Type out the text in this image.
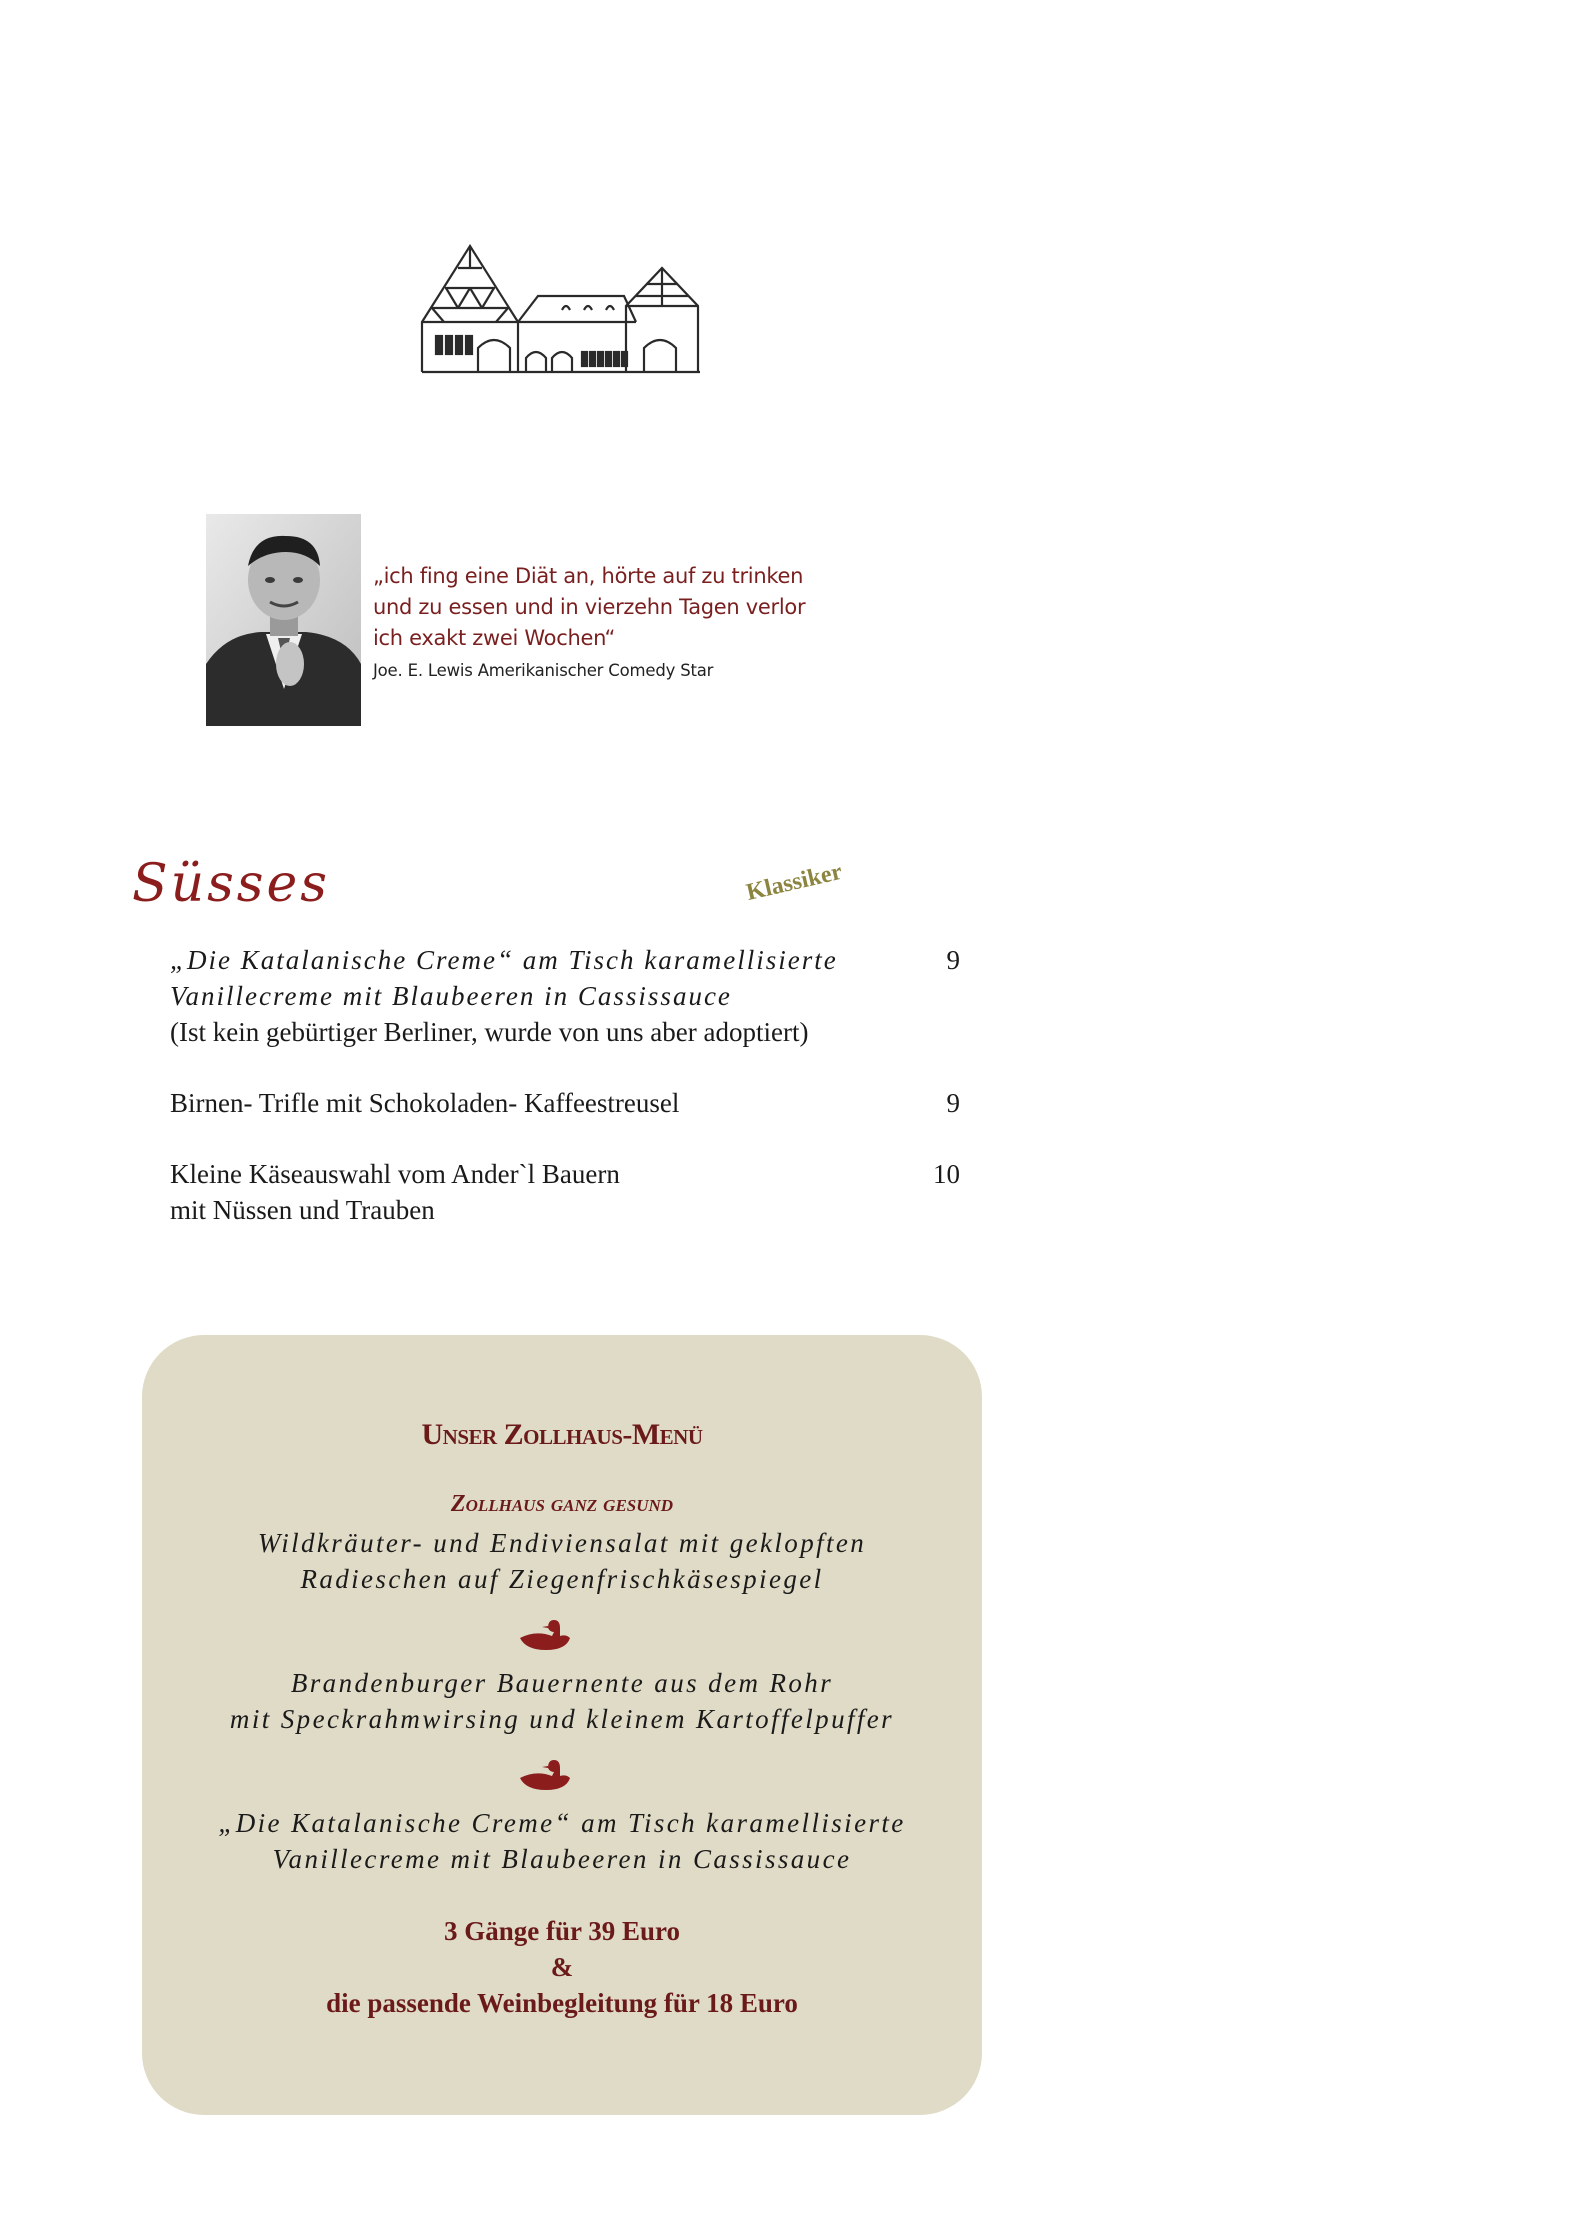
„ich fing eine Diät an, hörte auf zu trinken
und zu essen und in vierzehn Tagen verlor
ich exakt zwei Wochen“
Joe. E. Lewis Amerikanischer Comedy Star
Süsses	Klassiker
„Die Katalanische Creme“ am Tisch karamellisierte
Vanillecreme mit Blaubeeren in Cassissauce
(Ist kein gebürtiger Berliner, wurde von uns aber adoptiert)
9
Birnen- Trifle mit Schokoladen- Kaffeestreusel	9
Kleine Käseauswahl vom Ander`l Bauern
mit Nüssen und Trauben
10
Unser Zollhaus-Menü
Zollhaus ganz gesund
Wildkräuter- und Endiviensalat mit geklopften
Radieschen auf Ziegenfrischkäsespiegel
Brandenburger Bauernente aus dem Rohr
mit Speckrahmwirsing und kleinem Kartoffelpuffer
„Die Katalanische Creme“ am Tisch karamellisierte
Vanillecreme mit Blaubeeren in Cassissauce
3 Gänge für 39 Euro
&
die passende Weinbegleitung für 18 Euro
